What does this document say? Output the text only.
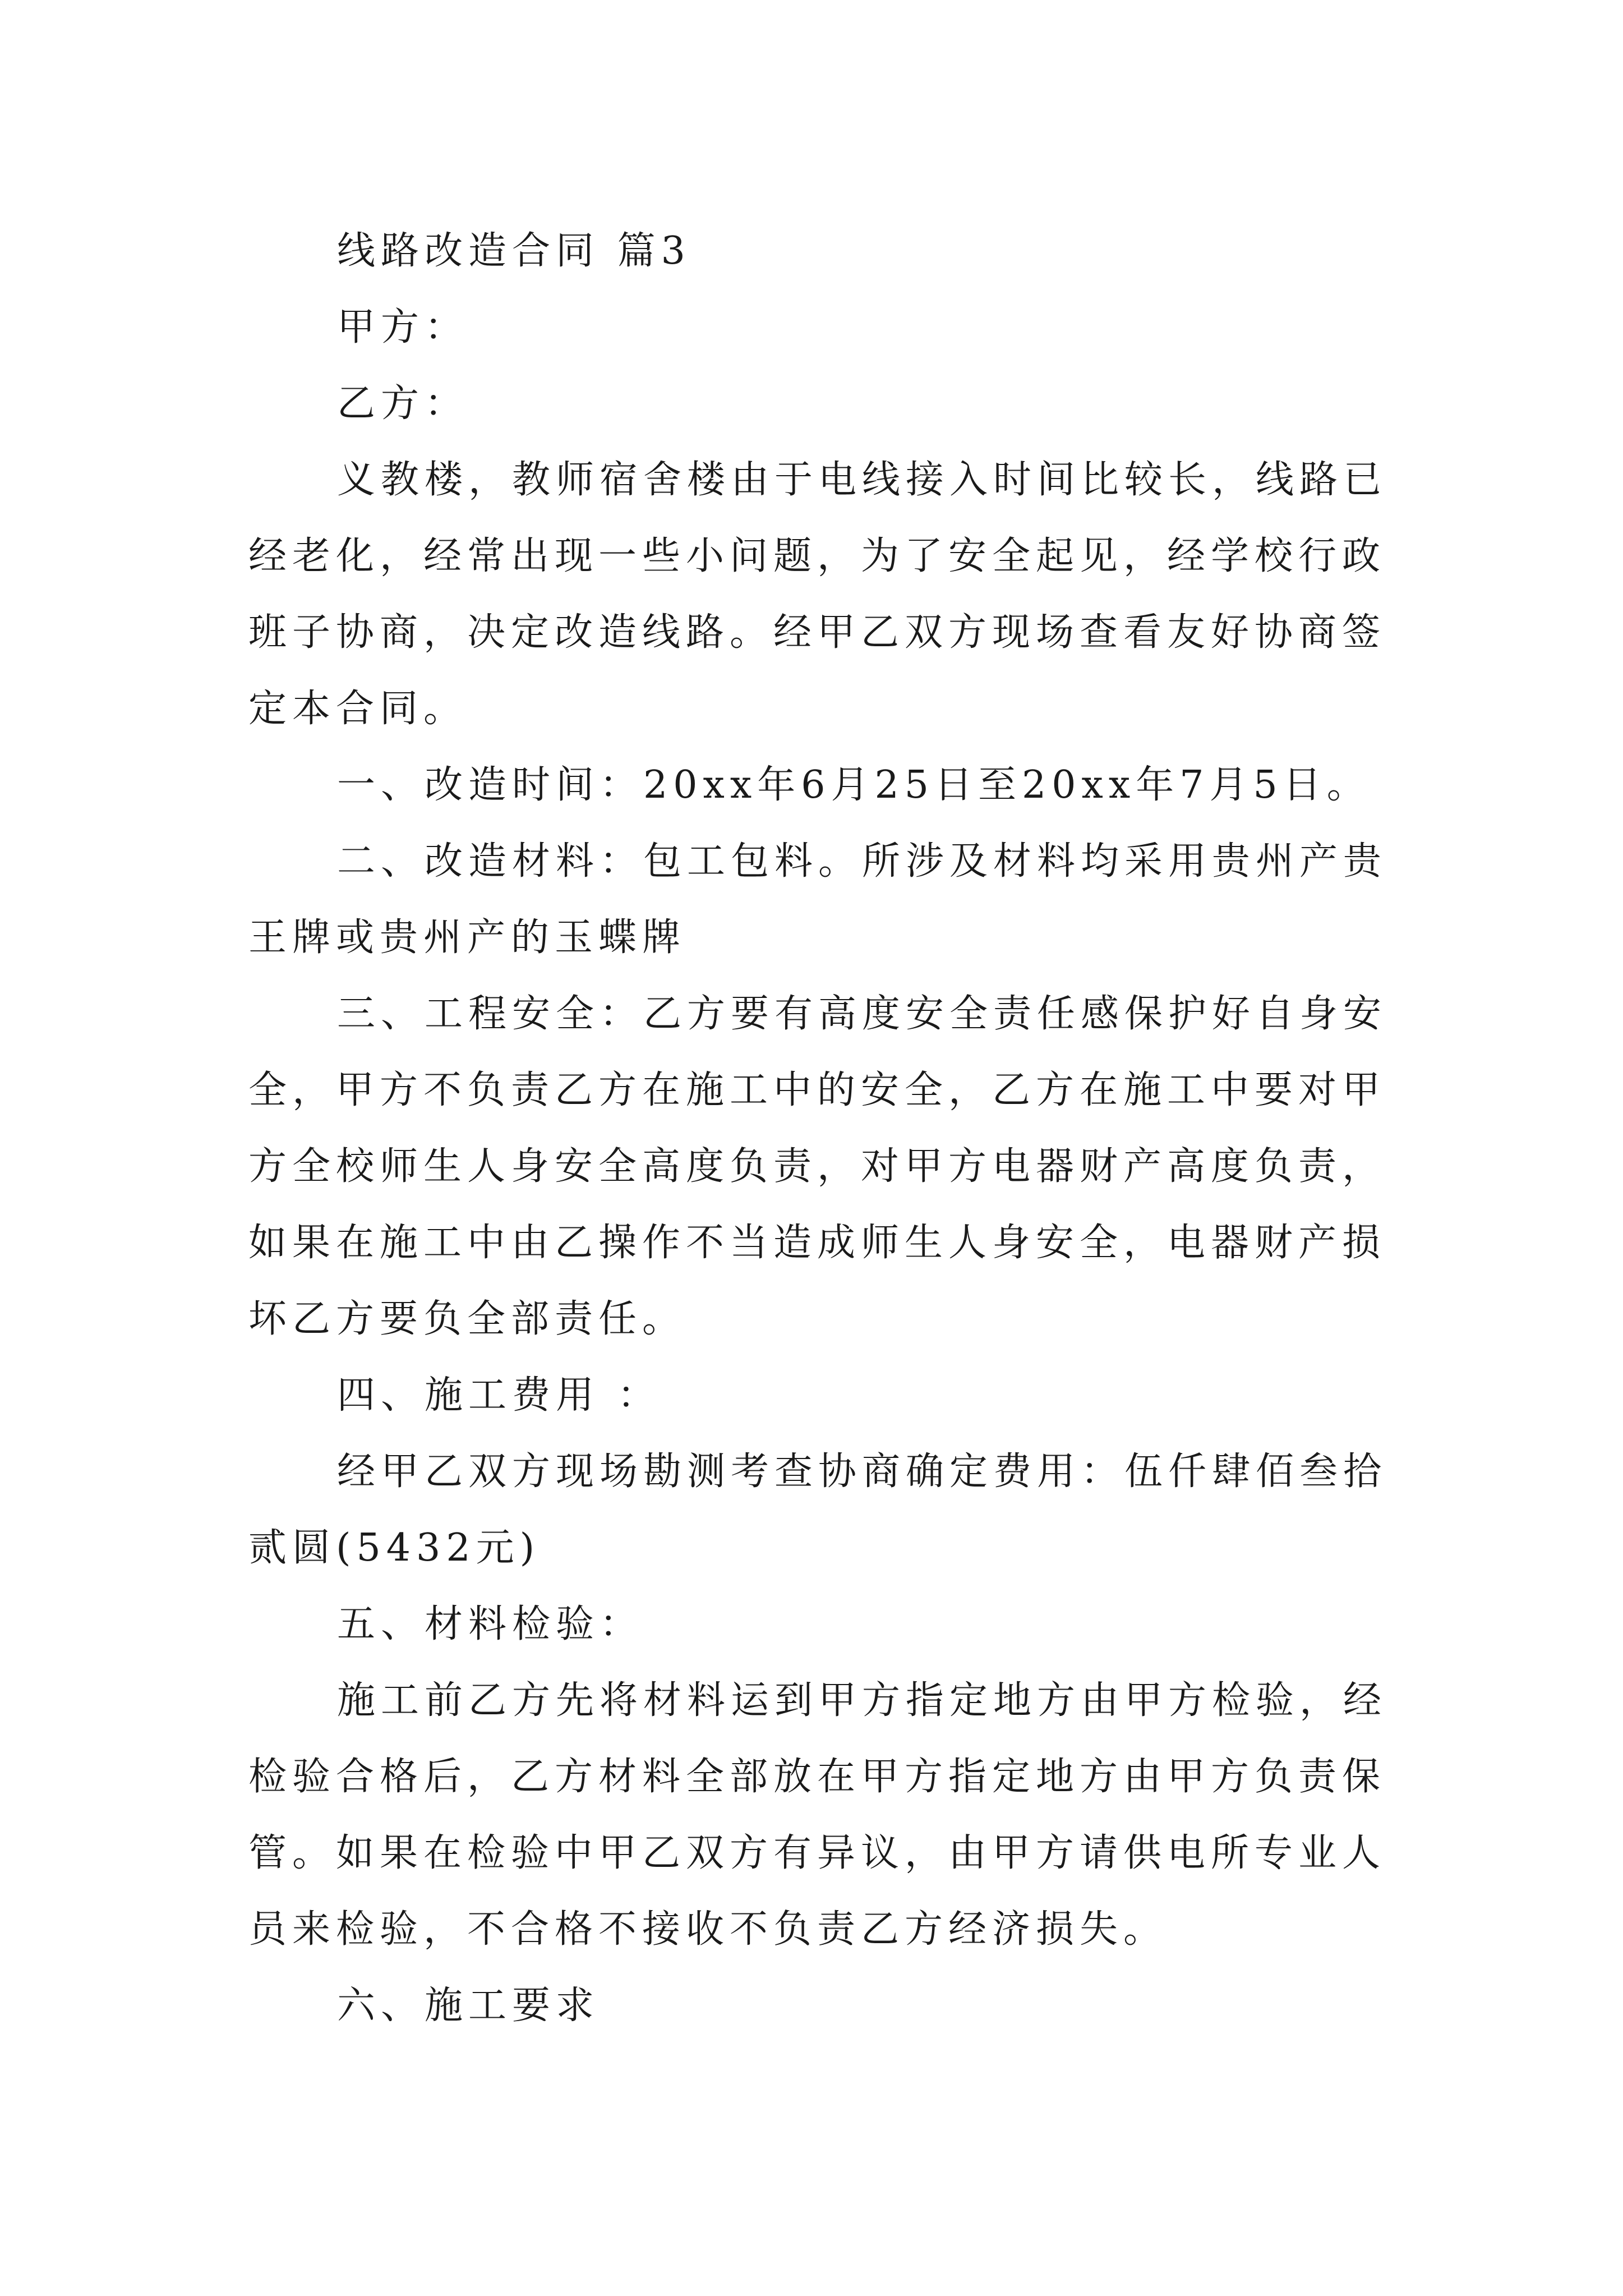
线路改造合同 篇3

甲方：

乙方：

义教楼，教师宿舍楼由于电线接入时间比较长，线路已

经老化，经常出现一些小问题，为了安全起见，经学校行政

班子协商，决定改造线路。经甲乙双方现场查看友好协商签

定本合同。

一、改造时间：20xx年6月25日至20xx年7月5日。

二、改造材料：包工包料。所涉及材料均采用贵州产贵

王牌或贵州产的玉蝶牌

三、工程安全：乙方要有高度安全责任感保护好自身安

全，甲方不负责乙方在施工中的安全，乙方在施工中要对甲

方全校师生人身安全高度负责，对甲方电器财产高度负责，

如果在施工中由乙操作不当造成师生人身安全，电器财产损

坏乙方要负全部责任。

四、施工费用 ：

经甲乙双方现场勘测考查协商确定费用：伍仟肆佰叁拾

贰圆(5432元)

五、材料检验：

施工前乙方先将材料运到甲方指定地方由甲方检验，经

检验合格后，乙方材料全部放在甲方指定地方由甲方负责保

管。如果在检验中甲乙双方有异议，由甲方请供电所专业人

员来检验，不合格不接收不负责乙方经济损失。

六、施工要求
